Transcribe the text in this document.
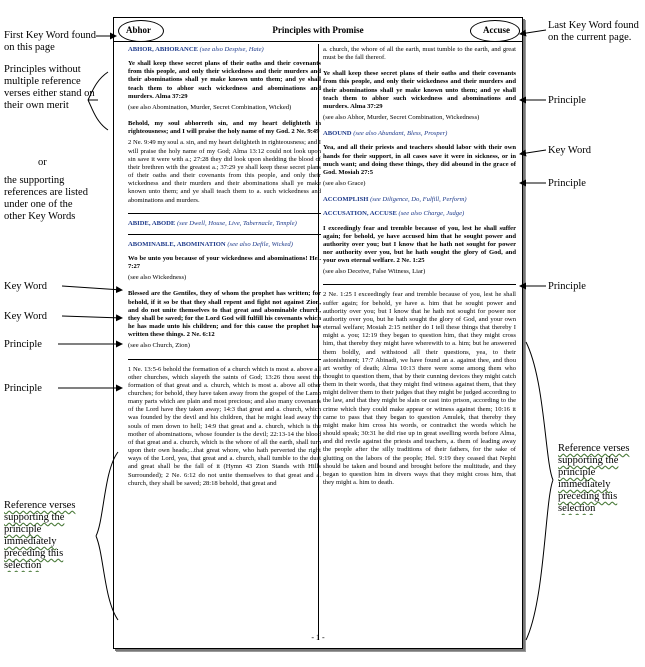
Abhor	Principles with Promise	Accuse
ABHOR, ABHORANCE (see also Despise, Hate)
Ye shall keep these secret plans of their oaths and their covenants from this people, and only their wickedness and their murders and their abominations shall ye make known unto them; and ye shall teach them to abhor such wickedness and abominations and murders. Alma 37:29
(see also Abomination, Murder, Secret Combination, Wicked)
Behold, my soul abhorreth sin, and my heart delighteth in righteousness; and I will praise the holy name of my God. 2 Ne. 9:49
2 Ne. 9:49 my soul a. sin, and my heart delighteth in righteousness; and I will praise the holy name of my God; Alma 13:12 could not look upon sin save it were with a.; 27:28 they did look upon shedding the blood of their brethren with the greatest a.; 37:29 ye shall keep these secret plans of their oaths and their covenants from this people, and only their wickedness and their murders and their abominations shall ye make known unto them; and ye shall teach them to a. such wickedness and abominations and murders.
ABIDE, ABODE (see Dwell, House, Live, Tabernacle, Temple)
ABOMINABLE, ABOMINATION (see also Defile, Wicked)
Wo be unto you because of your wickedness and abominations! Hel. 7:27
(see also Wickedness)
Blessed are the Gentiles, they of whom the prophet has written; for behold, if it so be that they shall repent and fight not against Zion, and do not unite themselves to that great and abominable church, they shall be saved; for the Lord God will fulfill his covenants which he has made unto his children; and for this cause the prophet has written these things. 2 Ne. 6:12
(see also Church, Zion)
1 Ne. 13:5-6 behold the formation of a church which is most a. above all other churches, which slayeth the saints of God; 13:26 thou seest the formation of that great and a. church, which is most a. above all other churches; for behold, they have taken away from the gospel of the Lamb many parts which are plain and most precious; and also many covenants of the Lord have they taken away; 14:3 that great and a. church, which was founded by the devil and his children, that he might lead away the souls of men down to hell; 14:9 that great and a. church, which is the mother of abominations, whose founder is the devil; 22:13-14 the blood of that great and a. church, which is the whore of all the earth, shall turn upon their own heads;...that great whore, who hath perverted the right ways of the Lord, yea, that great and a. church, shall tumble to the dust and great shall be the fall of it (Hymn 43 Zion Stands with Hills Surrounded); 2 Ne. 6:12 do not unite themselves to that great and a. church, they shall be saved; 28:18 behold, that great and
a. church, the whore of all the earth, must tumble to the earth, and great must be the fall thereof.
Ye shall keep these secret plans of their oaths and their covenants from this people, and only their wickedness and their murders and their abominations shall ye make known unto them; and ye shall teach them to abhor such wickedness and abominations and murders. Alma 37:29
(see also Abhor, Murder, Secret Combination, Wickedness)
ABOUND (see also Abundant, Bless, Prosper)
Yea, and all their priests and teachers should labor with their own hands for their support, in all cases save it were in sickness, or in much want; and doing these things, they did abound in the grace of God. Mosiah 27:5
(see also Grace)
ACCOMPLISH (see Diligence, Do, Fulfill, Perform)
ACCUSATION, ACCUSE (see also Charge, Judge)
I exceedingly fear and tremble because of you, lest he shall suffer again; for behold, ye have accused him that he sought power and authority over you; but I know that he hath not sought for power nor authority over you, but he hath sought the glory of God, and your own eternal welfare. 2 Ne. 1:25
(see also Deceive, False Witness, Liar)
2 Ne. 1:25 I exceedingly fear and tremble because of you, lest he shall suffer again; for behold, ye have a. him that he sought power and authority over you; but I know that he hath not sought for power nor authority over you, but he hath sought the glory of God, and your own eternal welfare; Mosiah 2:15 neither do I tell these things that thereby I might a. you; 12:19 they began to question him, that they might cross him, that thereby they might have wherewith to a. him; but he answered them boldly, and withstood all their questions, yea, to their astonishment; 17:7 Abinadi, we have found an a. against thee, and thou art worthy of death; Alma 10:13 there were some among them who thought to question them, that by their cunning devices they might catch them in their words, that they might find witness against them, that they might deliver them to their judges that they might be judged according to the law, and that they might be slain or cast into prison, according to the crime which they could make appear or witness against them; 10:16 it came to pass that they began to question Amulek, that thereby they might make him cross his words, or contradict the words which he should speak; 30:31 he did rise up in great swelling words before Alma, and did revile against the priests and teachers, a. them of leading away the people after the silly traditions of their fathers, for the sake of glutting on the labors of the people; Hel. 9:19 they ceased that Nephi should be taken and bound and brought before the multitude, and they began to question him in divers ways that they might cross him, that they might a. him to death.
- 1 -
First Key Word found on this page
Principles without multiple reference verses either stand on their own merit
or
the supporting references are listed under one of the other Key Words
Key Word
Key Word
Principle
Principle
Reference verses supporting the principle immediately preceding this selection
Last Key Word found on the current page.
Principle
Key Word
Principle
Principle
Reference verses supporting the principle immediately preceding this selection
